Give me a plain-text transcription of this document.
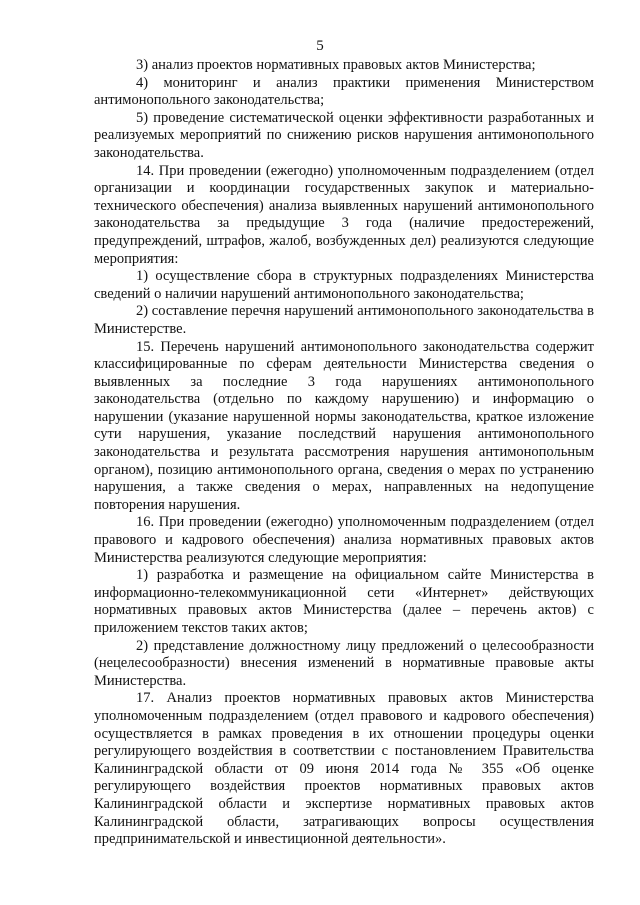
5

3) анализ проектов нормативных правовых актов Министерства;

4) мониторинг и анализ практики применения Министерством антимонопольного законодательства;

5) проведение систематической оценки эффективности разработанных и реализуемых мероприятий по снижению рисков нарушения антимонопольного законодательства.

14. При проведении (ежегодно) уполномоченным подразделением (отдел организации и координации государственных закупок и материально-технического обеспечения) анализа выявленных нарушений антимонопольного законодательства за предыдущие 3 года (наличие предостережений, предупреждений, штрафов, жалоб, возбужденных дел) реализуются следующие мероприятия:

1) осуществление сбора в структурных подразделениях Министерства сведений о наличии нарушений антимонопольного законодательства;

2) составление перечня нарушений антимонопольного законодательства в Министерстве.

15. Перечень нарушений антимонопольного законодательства содержит классифицированные по сферам деятельности Министерства сведения о выявленных за последние 3 года нарушениях антимонопольного законодательства (отдельно по каждому нарушению) и информацию о нарушении (указание нарушенной нормы законодательства, краткое изложение сути нарушения, указание последствий нарушения антимонопольного законодательства и результата рассмотрения нарушения антимонопольным органом), позицию антимонопольного органа, сведения о мерах по устранению нарушения, а также сведения о мерах, направленных на недопущение повторения нарушения.

16. При проведении (ежегодно) уполномоченным подразделением (отдел правового и кадрового обеспечения) анализа нормативных правовых актов Министерства реализуются следующие мероприятия:

1) разработка и размещение на официальном сайте Министерства в информационно-телекоммуникационной сети «Интернет» действующих нормативных правовых актов Министерства (далее – перечень актов) с приложением текстов таких актов;

2) представление должностному лицу предложений о целесообразности (нецелесообразности) внесения изменений в нормативные правовые акты Министерства.

17. Анализ проектов нормативных правовых актов Министерства уполномоченным подразделением (отдел правового и кадрового обеспечения) осуществляется в рамках проведения в их отношении процедуры оценки регулирующего воздействия в соответствии с постановлением Правительства Калининградской области от 09 июня 2014 года № 355 «Об оценке регулирующего воздействия проектов нормативных правовых актов Калининградской области и экспертизе нормативных правовых актов Калининградской области, затрагивающих вопросы осуществления предпринимательской и инвестиционной деятельности».
